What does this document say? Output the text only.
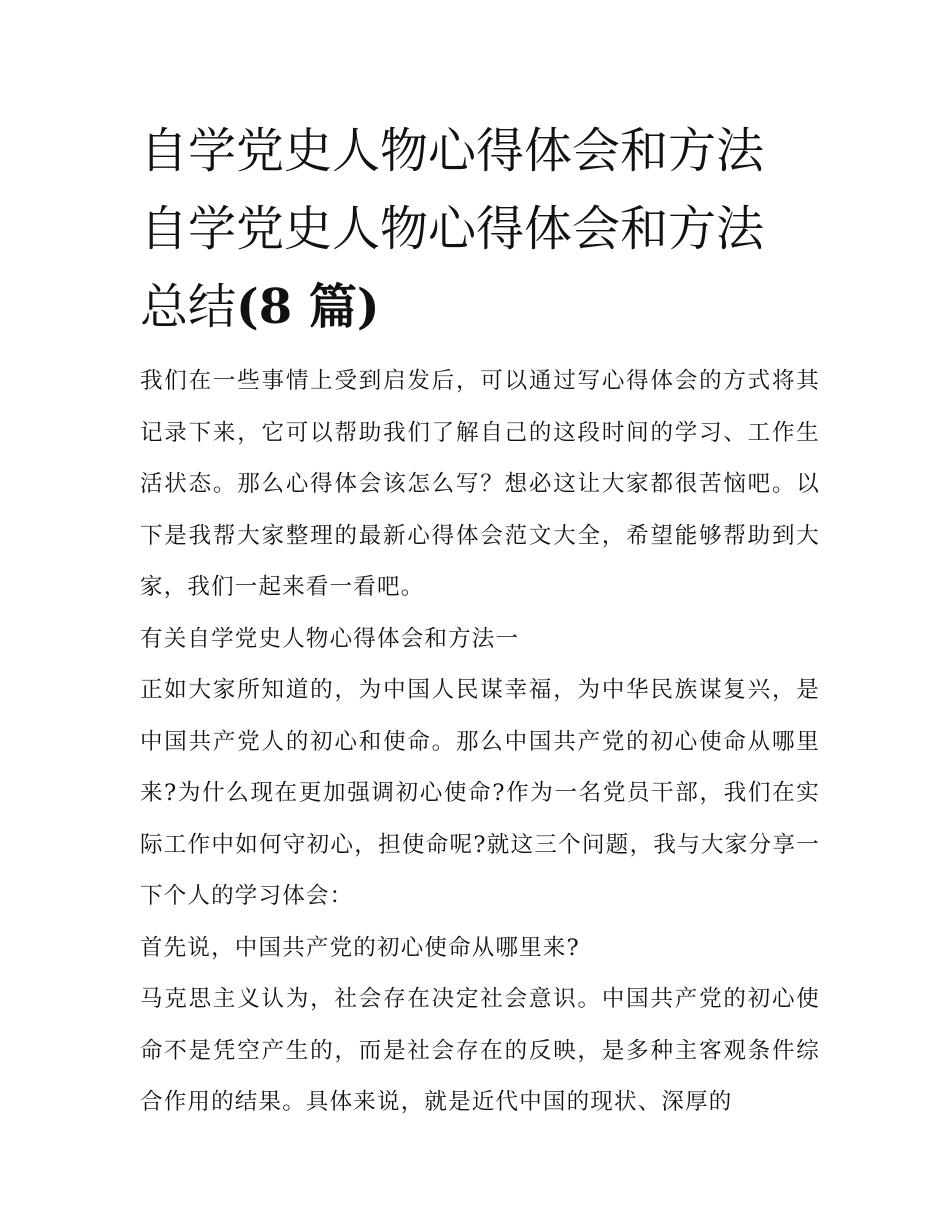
自学党史人物心得体会和方法
自学党史人物心得体会和方法
总结(8 篇)

我们在一些事情上受到启发后，可以通过写心得体会的方式将其记录下来，它可以帮助我们了解自己的这段时间的学习、工作生活状态。那么心得体会该怎么写？想必这让大家都很苦恼吧。以下是我帮大家整理的最新心得体会范文大全，希望能够帮助到大家，我们一起来看一看吧。

有关自学党史人物心得体会和方法一

正如大家所知道的，为中国人民谋幸福，为中华民族谋复兴，是中国共产党人的初心和使命。那么中国共产党的初心使命从哪里来?为什么现在更加强调初心使命?作为一名党员干部，我们在实际工作中如何守初心，担使命呢?就这三个问题，我与大家分享一下个人的学习体会：

首先说，中国共产党的初心使命从哪里来?

马克思主义认为，社会存在决定社会意识。中国共产党的初心使命不是凭空产生的，而是社会存在的反映，是多种主客观条件综合作用的结果。具体来说，就是近代中国的现状、深厚的
